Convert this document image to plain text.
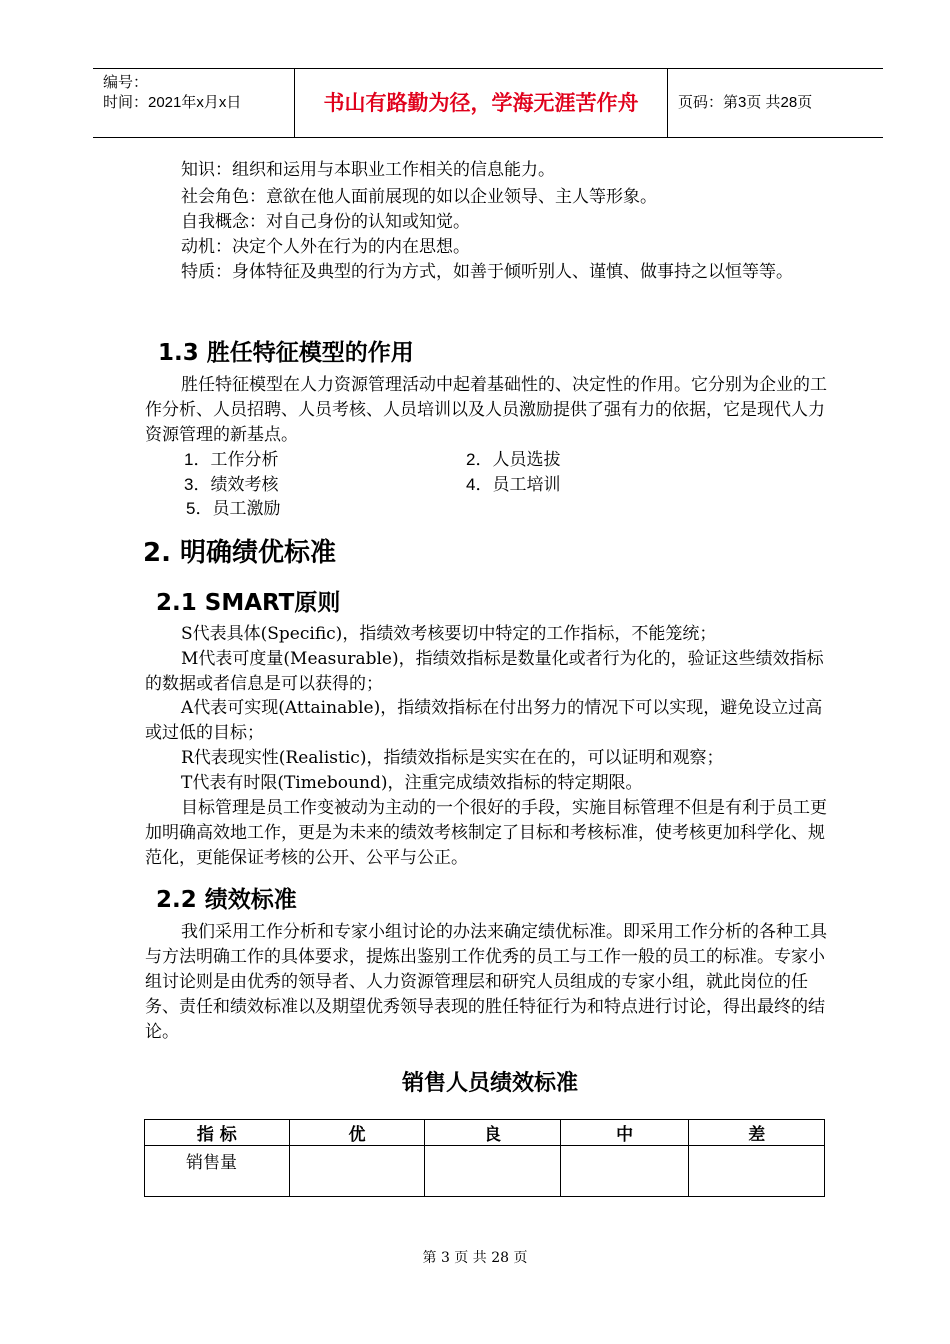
编号：
时间：2021年x月x日	书山有路勤为径，学海无涯苦作舟	页码：第3页 共28页
知识：组织和运用与本职业工作相关的信息能力。
社会角色：意欲在他人面前展现的如以企业领导、主人等形象。
自我概念：对自己身份的认知或知觉。
动机：决定个人外在行为的内在思想。
特质：身体特征及典型的行为方式，如善于倾听别人、谨慎、做事持之以恒等等。
1.3 胜任特征模型的作用
胜任特征模型在人力资源管理活动中起着基础性的、决定性的作用。它分别为企业的工作分析、人员招聘、人员考核、人员培训以及人员激励提供了强有力的依据，它是现代人力资源管理的新基点。
1．工作分析	2．人员选拔
3．绩效考核	4．员工培训
5．员工激励
2. 明确绩优标准
2.1 SMART原则
S代表具体(Specific)，指绩效考核要切中特定的工作指标，不能笼统；
M代表可度量(Measurable)，指绩效指标是数量化或者行为化的，验证这些绩效指标的数据或者信息是可以获得的；
A代表可实现(Attainable)，指绩效指标在付出努力的情况下可以实现，避免设立过高或过低的目标；
R代表现实性(Realistic)，指绩效指标是实实在在的，可以证明和观察；
T代表有时限(Timebound)，注重完成绩效指标的特定期限。
目标管理是员工作变被动为主动的一个很好的手段，实施目标管理不但是有利于员工更加明确高效地工作，更是为未来的绩效考核制定了目标和考核标准，使考核更加科学化、规范化，更能保证考核的公开、公平与公正。
2.2 绩效标准
我们采用工作分析和专家小组讨论的办法来确定绩优标准。即采用工作分析的各种工具与方法明确工作的具体要求，提炼出鉴别工作优秀的员工与工作一般的员工的标准。专家小组讨论则是由优秀的领导者、人力资源管理层和研究人员组成的专家小组，就此岗位的任务、责任和绩效标准以及期望优秀领导表现的胜任特征行为和特点进行讨论，得出最终的结论。
销售人员绩效标准
指 标	优	良	中	差
销售量				
第 3 页 共 28 页
